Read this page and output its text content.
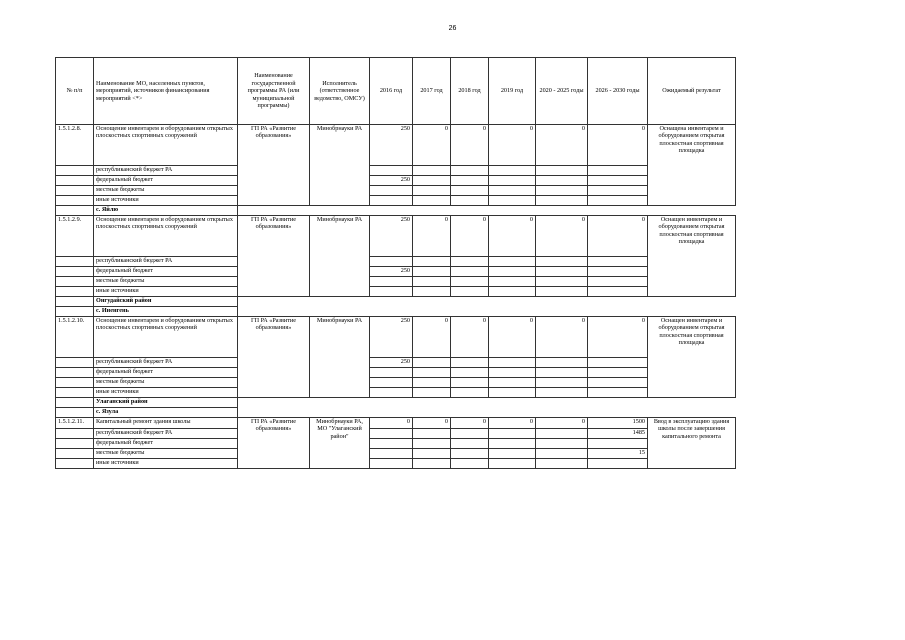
26
№ п/п	Наименование МО, населенных пунктов, мероприятий, источников финансирования мероприятий <*>	Наименование государственной программы РА (или муниципальной программы)	Исполнитель (ответственное ведомство, ОМСУ)	2016 год	2017 год	2018 год	2019 год	2020 - 2025 годы	2026 - 2030 годы	Ожидаемый результат
1.5.1.2.8.	Оснощение инвентарем и оборудованием открытых плоскостных спортивных сооружений	ГП РА «Развитие образования»	Минобрнауки РА	250	0	0	0	0	0	Оснащена инвентарем и оборудованием открытая плоскостная спортивная площадка
	республиканский бюджет РА									
	федеральный бюджет			250						
	местные бюджеты									
	иные источники									
	с. Яйлю									
1.5.1.2.9.	Оснощение инвентарем и оборудованием открытых плоскостных спортивных сооружений	ГП РА «Развитие образования»	Минобрнауки РА	250	0	0	0	0	0	Оснащен инвентарем и оборудованием открытая плоскостная спортивная площадка
	республиканский бюджет РА									
	федеральный бюджет			250						
	местные бюджеты									
	иные источники									
	Онгудайский район									
	с. Иненгень									
1.5.1.2.10.	Оснощение инвентарем и оборудованием открытых плоскостных спортивных сооружений	ГП РА «Развитие образования»	Минобрнауки РА	250	0	0	0	0	0	Оснащен инвентарем и оборудованием открытая плоскостная спортивная площадка
	республиканский бюджет РА			250						
	федеральный бюджет									
	местные бюджеты									
	иные источники									
	Улаганский район									
	с. Язула									
1.5.1.2.11.	Капитальный ремонт здания школы	ГП РА «Развитие образования»	Минобрнауки РА, МО "Улаганский район"	0	0	0	0	0	1500	Ввод в эксплуатацию здания школы после завершения капитального ремонта
	республиканский бюджет РА								1485	
	федеральный бюджет									
	местные бюджеты								15	
	иные источники									
